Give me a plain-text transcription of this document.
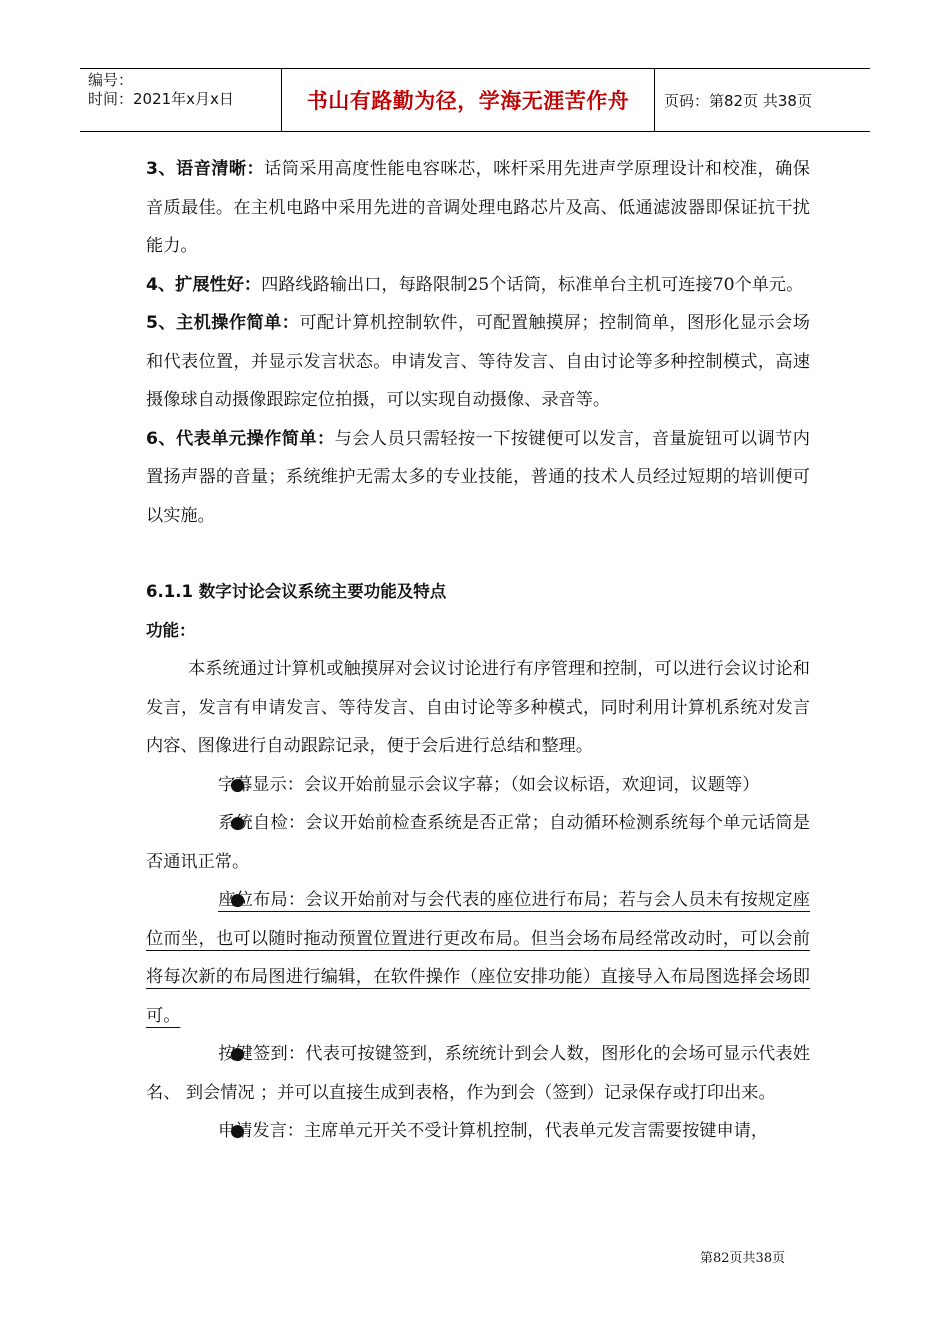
编号：
时间：2021年x月x日	书山有路勤为径，学海无涯苦作舟	页码：第82页 共38页

3、语音清晰：话筒采用高度性能电容咪芯，咪杆采用先进声学原理设计和校准，确保音质最佳。在主机电路中采用先进的音调处理电路芯片及高、低通滤波器即保证抗干扰能力。

4、扩展性好：四路线路输出口，每路限制25个话筒，标准单台主机可连接70个单元。

5、主机操作简单：可配计算机控制软件，可配置触摸屏；控制简单，图形化显示会场和代表位置，并显示发言状态。申请发言、等待发言、自由讨论等多种控制模式，高速摄像球自动摄像跟踪定位拍摄，可以实现自动摄像、录音等。

6、代表单元操作简单：与会人员只需轻按一下按键便可以发言，音量旋钮可以调节内置扬声器的音量；系统维护无需太多的专业技能，普通的技术人员经过短期的培训便可以实施。

6.1.1 数字讨论会议系统主要功能及特点

功能：

本系统通过计算机或触摸屏对会议讨论进行有序管理和控制，可以进行会议讨论和发言，发言有申请发言、等待发言、自由讨论等多种模式，同时利用计算机系统对发言内容、图像进行自动跟踪记录，便于会后进行总结和整理。

● 字幕显示：会议开始前显示会议字幕；（如会议标语，欢迎词，议题等）

● 系统自检：会议开始前检查系统是否正常；自动循环检测系统每个单元话筒是否通讯正常。

● 座位布局：会议开始前对与会代表的座位进行布局；若与会人员未有按规定座位而坐，也可以随时拖动预置位置进行更改布局。但当会场布局经常改动时，可以会前将每次新的布局图进行编辑，在软件操作（座位安排功能）直接导入布局图选择会场即可。

● 按键签到：代表可按键签到，系统统计到会人数，图形化的会场可显示代表姓名、 到会情况 ；并可以直接生成到表格，作为到会（签到）记录保存或打印出来。

● 申请发言：主席单元开关不受计算机控制，代表单元发言需要按键申请，

第82页共38页
